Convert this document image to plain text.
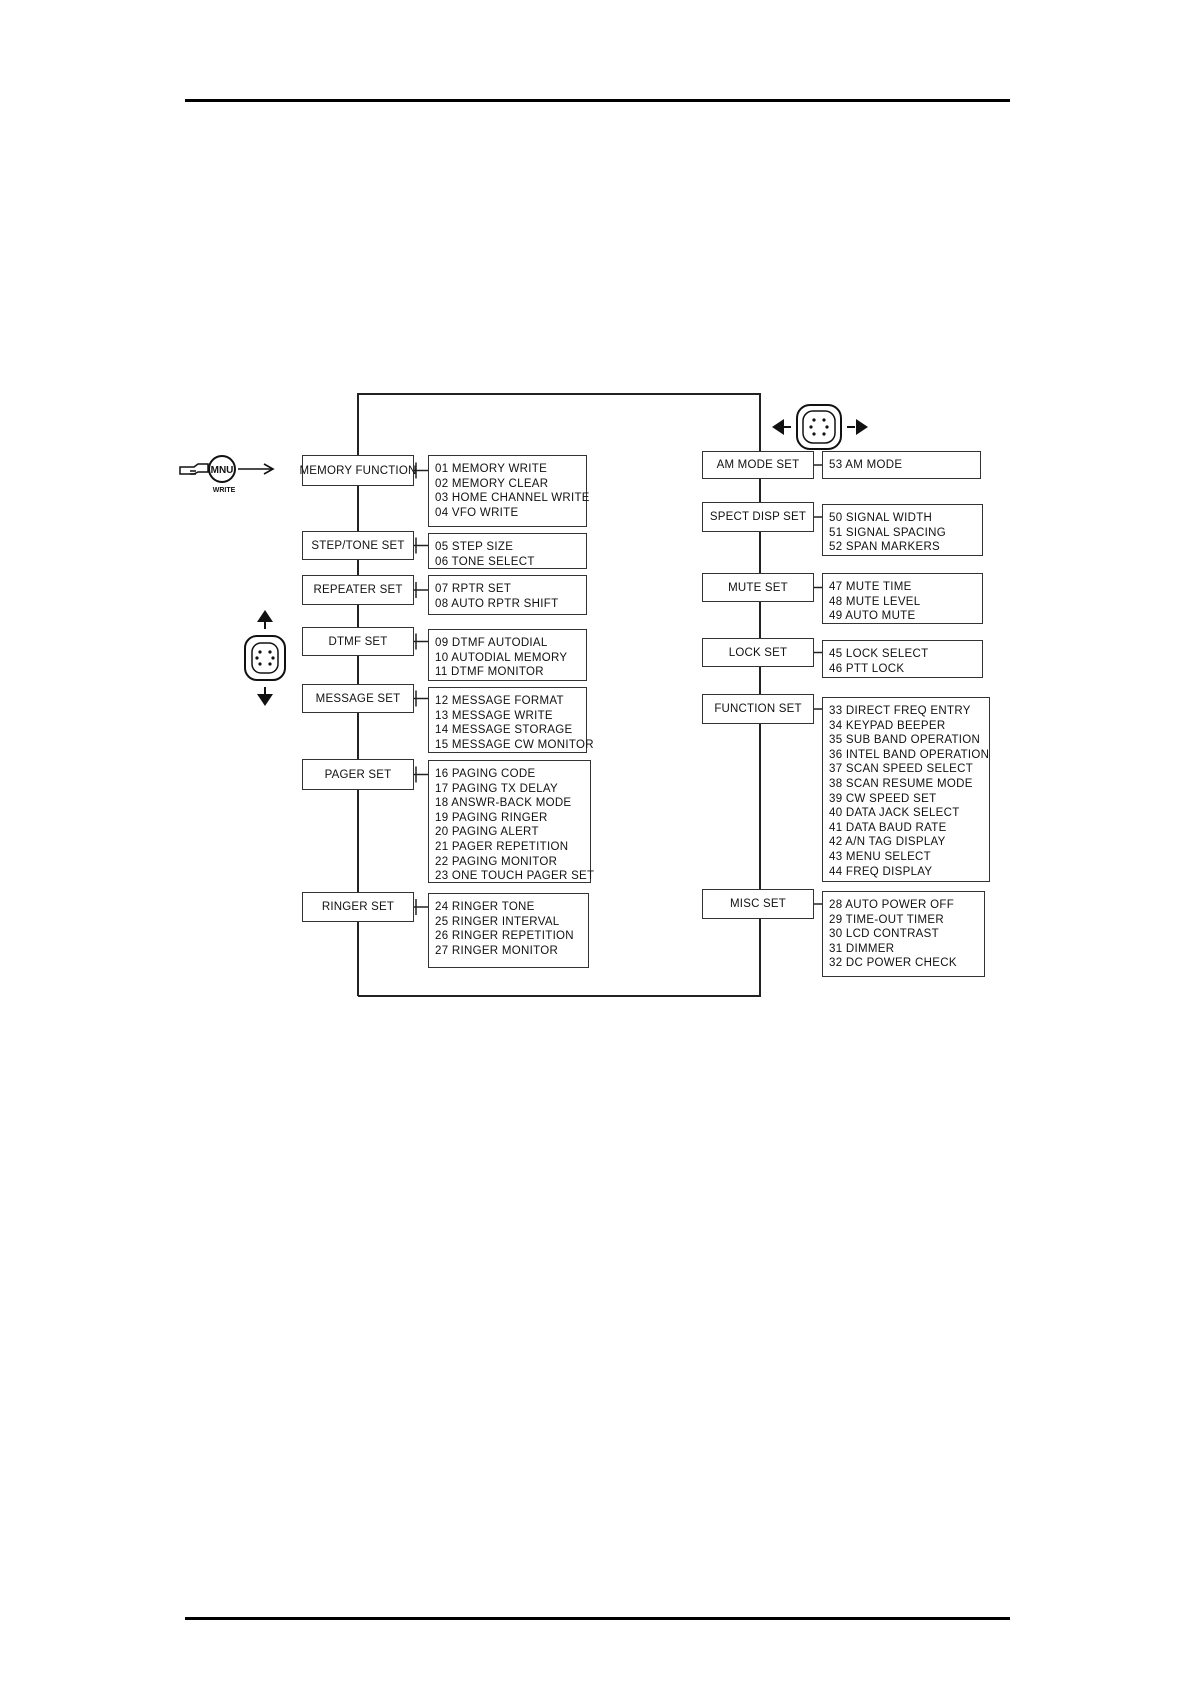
MNU
WRITE
MEMORY FUNCTION 01 MEMORY WRITE
02 MEMORY CLEAR
03 HOME CHANNEL WRITE
04 VFO WRITE
STEP/TONE SET	05 STEP SIZE
06 TONE SELECT
REPEATER SET	07 RPTR SET
08 AUTO RPTR SHIFT
DTMF SET	09 DTMF AUTODIAL
10 AUTODIAL MEMORY
11 DTMF MONITOR
MESSAGE SET	12 MESSAGE FORMAT
13 MESSAGE WRITE
14 MESSAGE STORAGE
15 MESSAGE CW MONITOR
PAGER SET	16 PAGING CODE
17 PAGING TX DELAY
18 ANSWR-BACK MODE
19 PAGING RINGER
20 PAGING ALERT
21 PAGER REPETITION
22 PAGING MONITOR
23 ONE TOUCH PAGER SET
RINGER SET	24 RINGER TONE
25 RINGER INTERVAL
26 RINGER REPETITION
27 RINGER MONITOR
AM MODE SET	53 AM MODE
SPECT DISP SET	50 SIGNAL WIDTH
51 SIGNAL SPACING
52 SPAN MARKERS
MUTE SET	47 MUTE TIME
48 MUTE LEVEL
49 AUTO MUTE
LOCK SET	45 LOCK SELECT
46 PTT LOCK
FUNCTION SET	33 DIRECT FREQ ENTRY
34 KEYPAD BEEPER
35 SUB BAND OPERATION
36 INTEL BAND OPERATION
37 SCAN SPEED SELECT
38 SCAN RESUME MODE
39 CW SPEED SET
40 DATA JACK SELECT
41 DATA BAUD RATE
42 A/N TAG DISPLAY
43 MENU SELECT
44 FREQ DISPLAY
MISC SET	28 AUTO POWER OFF
29 TIME-OUT TIMER
30 LCD CONTRAST
31 DIMMER
32 DC POWER CHECK
